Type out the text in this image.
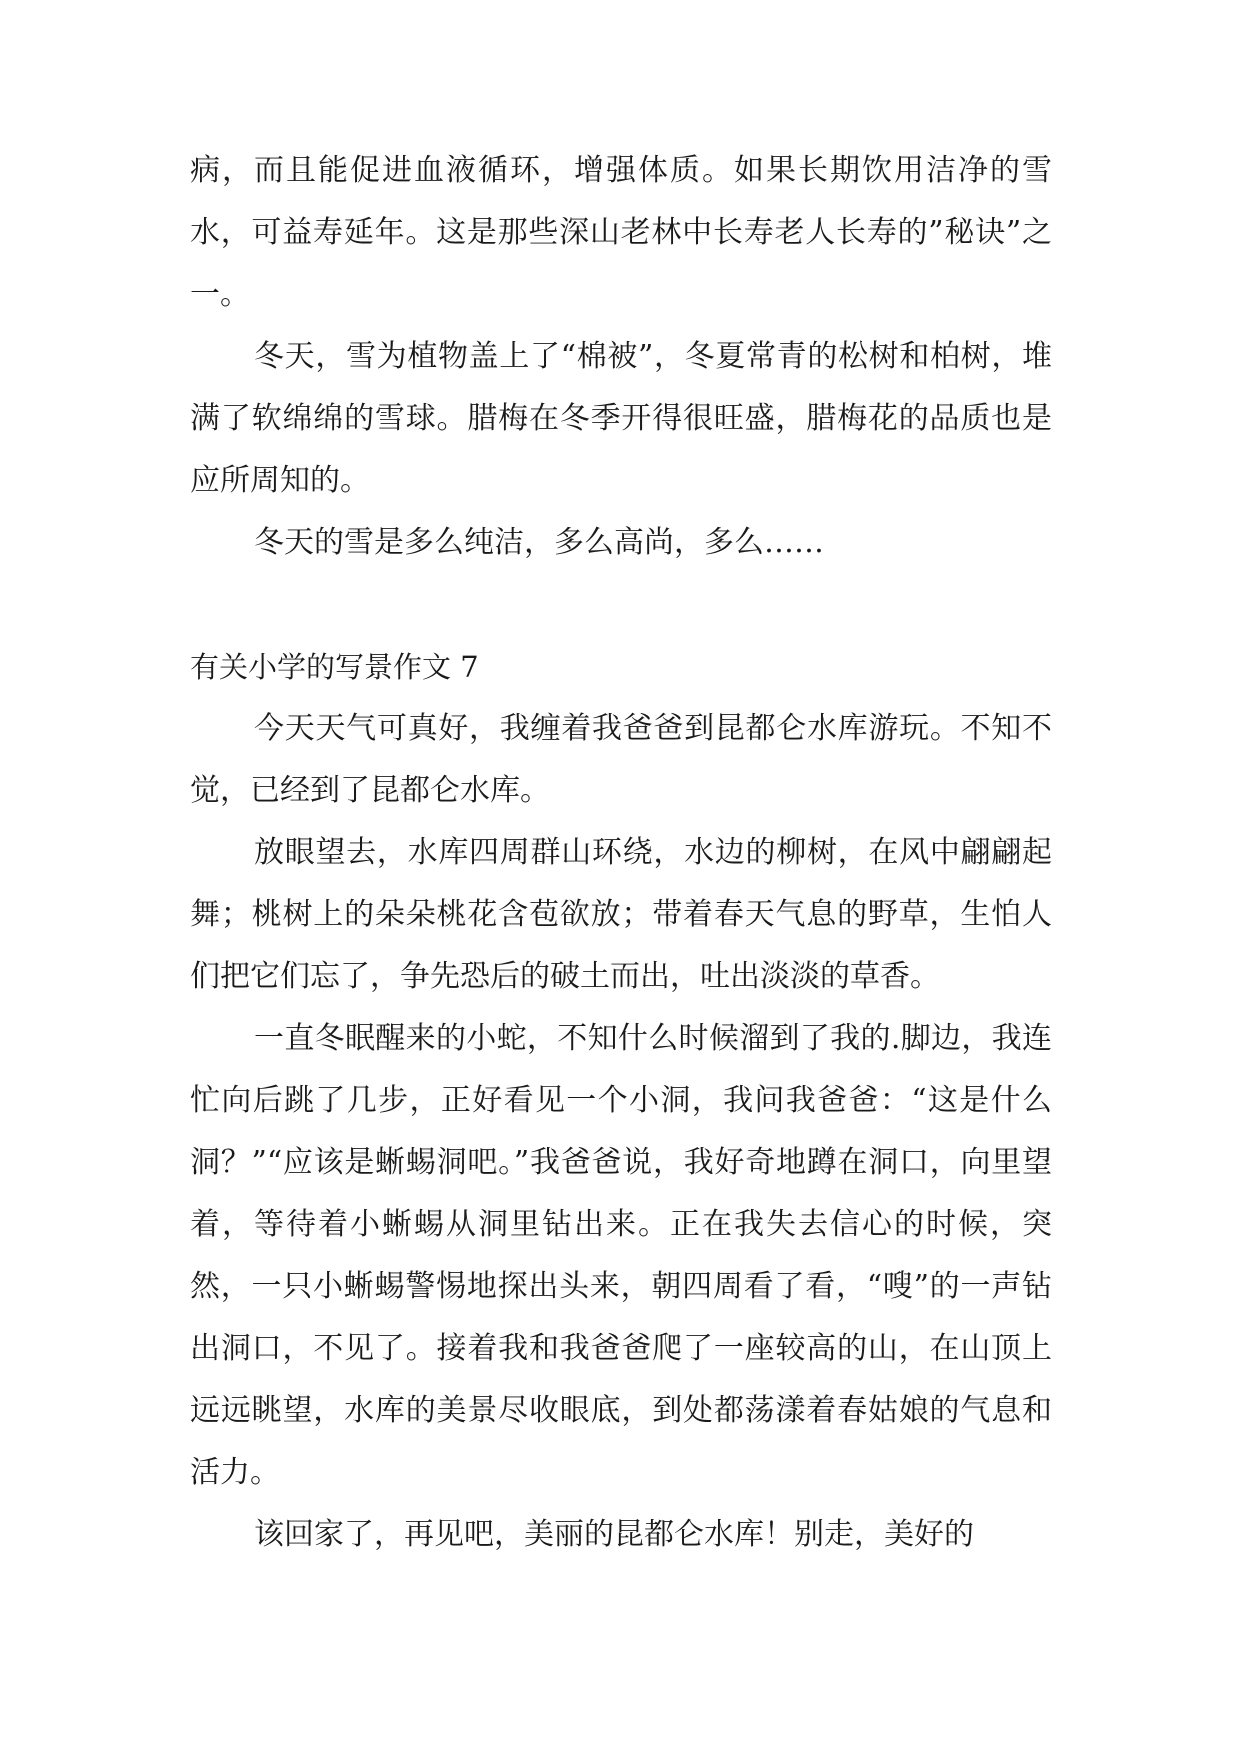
病，而且能促进血液循环，增强体质。如果长期饮用洁净的雪水，可益寿延年。这是那些深山老林中长寿老人长寿的”秘诀”之一。

冬天，雪为植物盖上了“棉被”，冬夏常青的松树和柏树，堆满了软绵绵的雪球。腊梅在冬季开得很旺盛，腊梅花的品质也是应所周知的。

冬天的雪是多么纯洁，多么高尚，多么……

有关小学的写景作文 7

今天天气可真好，我缠着我爸爸到昆都仑水库游玩。不知不觉，已经到了昆都仑水库。

放眼望去，水库四周群山环绕，水边的柳树，在风中翩翩起舞；桃树上的朵朵桃花含苞欲放；带着春天气息的野草，生怕人们把它们忘了，争先恐后的破土而出，吐出淡淡的草香。

一直冬眠醒来的小蛇，不知什么时候溜到了我的.脚边，我连忙向后跳了几步，正好看见一个小洞，我问我爸爸：“这是什么洞？”“应该是蜥蜴洞吧。”我爸爸说，我好奇地蹲在洞口，向里望着，等待着小蜥蜴从洞里钻出来。正在我失去信心的时候，突然，一只小蜥蜴警惕地探出头来，朝四周看了看，“嗖”的一声钻出洞口，不见了。接着我和我爸爸爬了一座较高的山，在山顶上远远眺望，水库的美景尽收眼底，到处都荡漾着春姑娘的气息和活力。

该回家了，再见吧，美丽的昆都仑水库！别走，美好的
